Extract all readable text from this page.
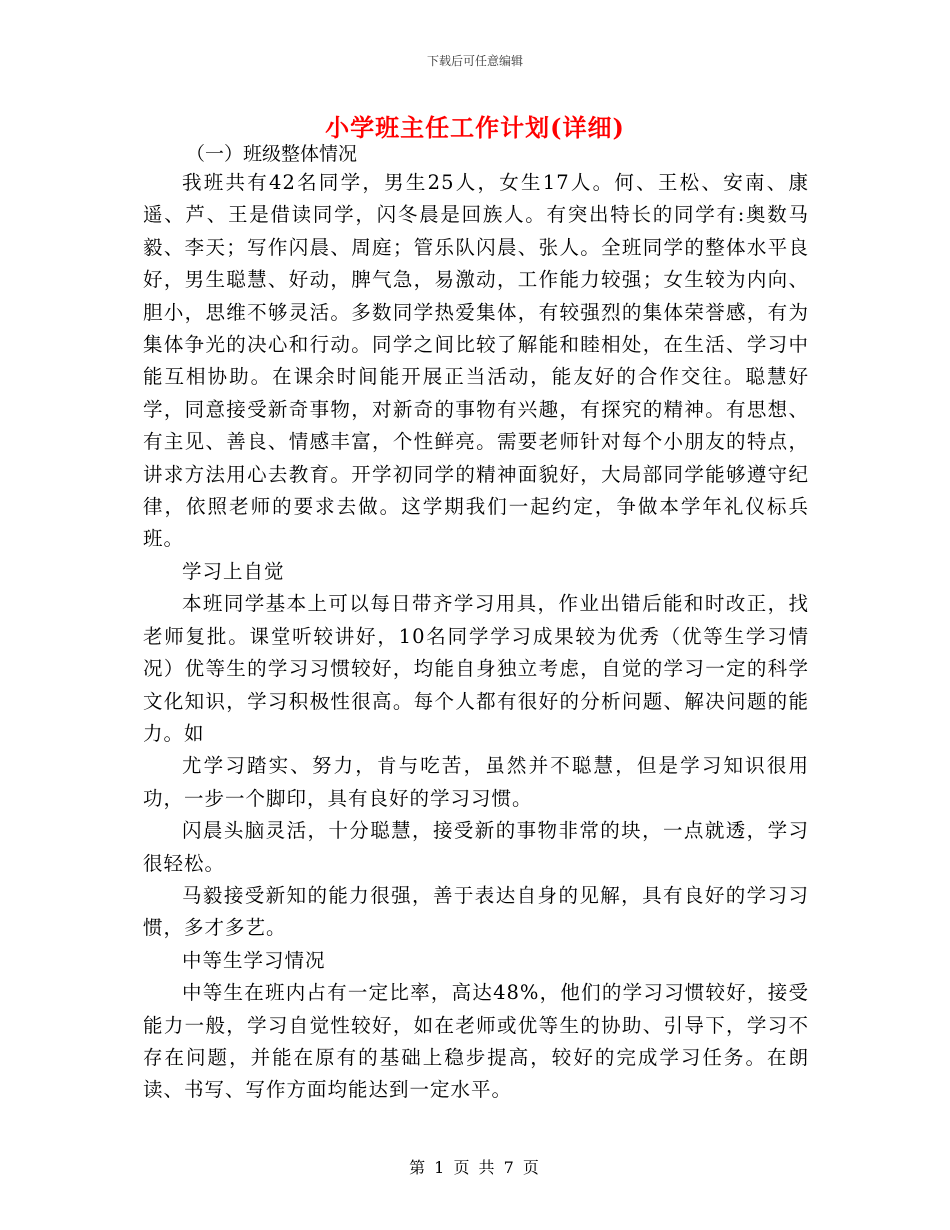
下载后可任意编辑
小学班主任工作计划(详细)
（一）班级整体情况

我班共有42名同学，男生25人，女生17人。何、王松、安南、康遥、芦、王是借读同学，闪冬晨是回族人。有突出特长的同学有:奥数马毅、李天；写作闪晨、周庭；管乐队闪晨、张人。全班同学的整体水平良好，男生聪慧、好动，脾气急，易激动，工作能力较强；女生较为内向、胆小，思维不够灵活。多数同学热爱集体，有较强烈的集体荣誉感，有为集体争光的决心和行动。同学之间比较了解能和睦相处，在生活、学习中能互相协助。在课余时间能开展正当活动，能友好的合作交往。聪慧好学，同意接受新奇事物，对新奇的事物有兴趣，有探究的精神。有思想、有主见、善良、情感丰富，个性鲜亮。需要老师针对每个小朋友的特点，讲求方法用心去教育。开学初同学的精神面貌好，大局部同学能够遵守纪律，依照老师的要求去做。这学期我们一起约定，争做本学年礼仪标兵班。

学习上自觉

本班同学基本上可以每日带齐学习用具，作业出错后能和时改正，找老师复批。课堂听较讲好，10名同学学习成果较为优秀（优等生学习情况）优等生的学习习惯较好，均能自身独立考虑，自觉的学习一定的科学文化知识，学习积极性很高。每个人都有很好的分析问题、解决问题的能力。如

尤学习踏实、努力，肯与吃苦，虽然并不聪慧，但是学习知识很用功，一步一个脚印，具有良好的学习习惯。

闪晨头脑灵活，十分聪慧，接受新的事物非常的块，一点就透，学习很轻松。

马毅接受新知的能力很强，善于表达自身的见解，具有良好的学习习惯，多才多艺。

中等生学习情况

中等生在班内占有一定比率，高达48%，他们的学习习惯较好，接受能力一般，学习自觉性较好，如在老师或优等生的协助、引导下，学习不存在问题，并能在原有的基础上稳步提高，较好的完成学习任务。在朗读、书写、写作方面均能达到一定水平。

第 1 页 共 7 页
